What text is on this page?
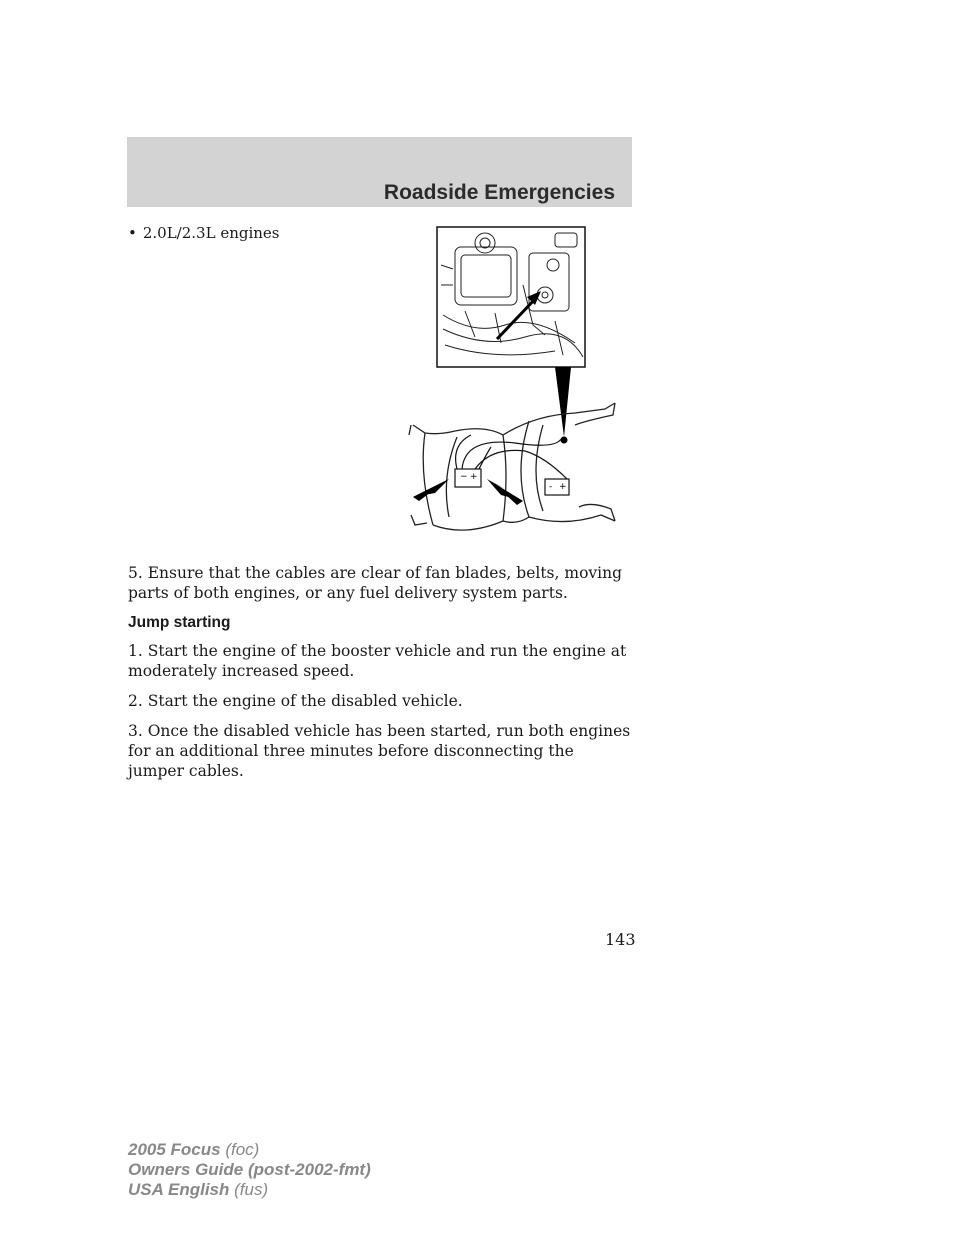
Roadside Emergencies
• 2.0L/2.3L engines
− +
- +

5. Ensure that the cables are clear of fan blades, belts, moving parts of both engines, or any fuel delivery system parts.

Jump starting

1. Start the engine of the booster vehicle and run the engine at moderately increased speed.

2. Start the engine of the disabled vehicle.

3. Once the disabled vehicle has been started, run both engines for an additional three minutes before disconnecting the jumper cables.

143
2005 Focus (foc)
Owners Guide (post-2002-fmt)
USA English (fus)
